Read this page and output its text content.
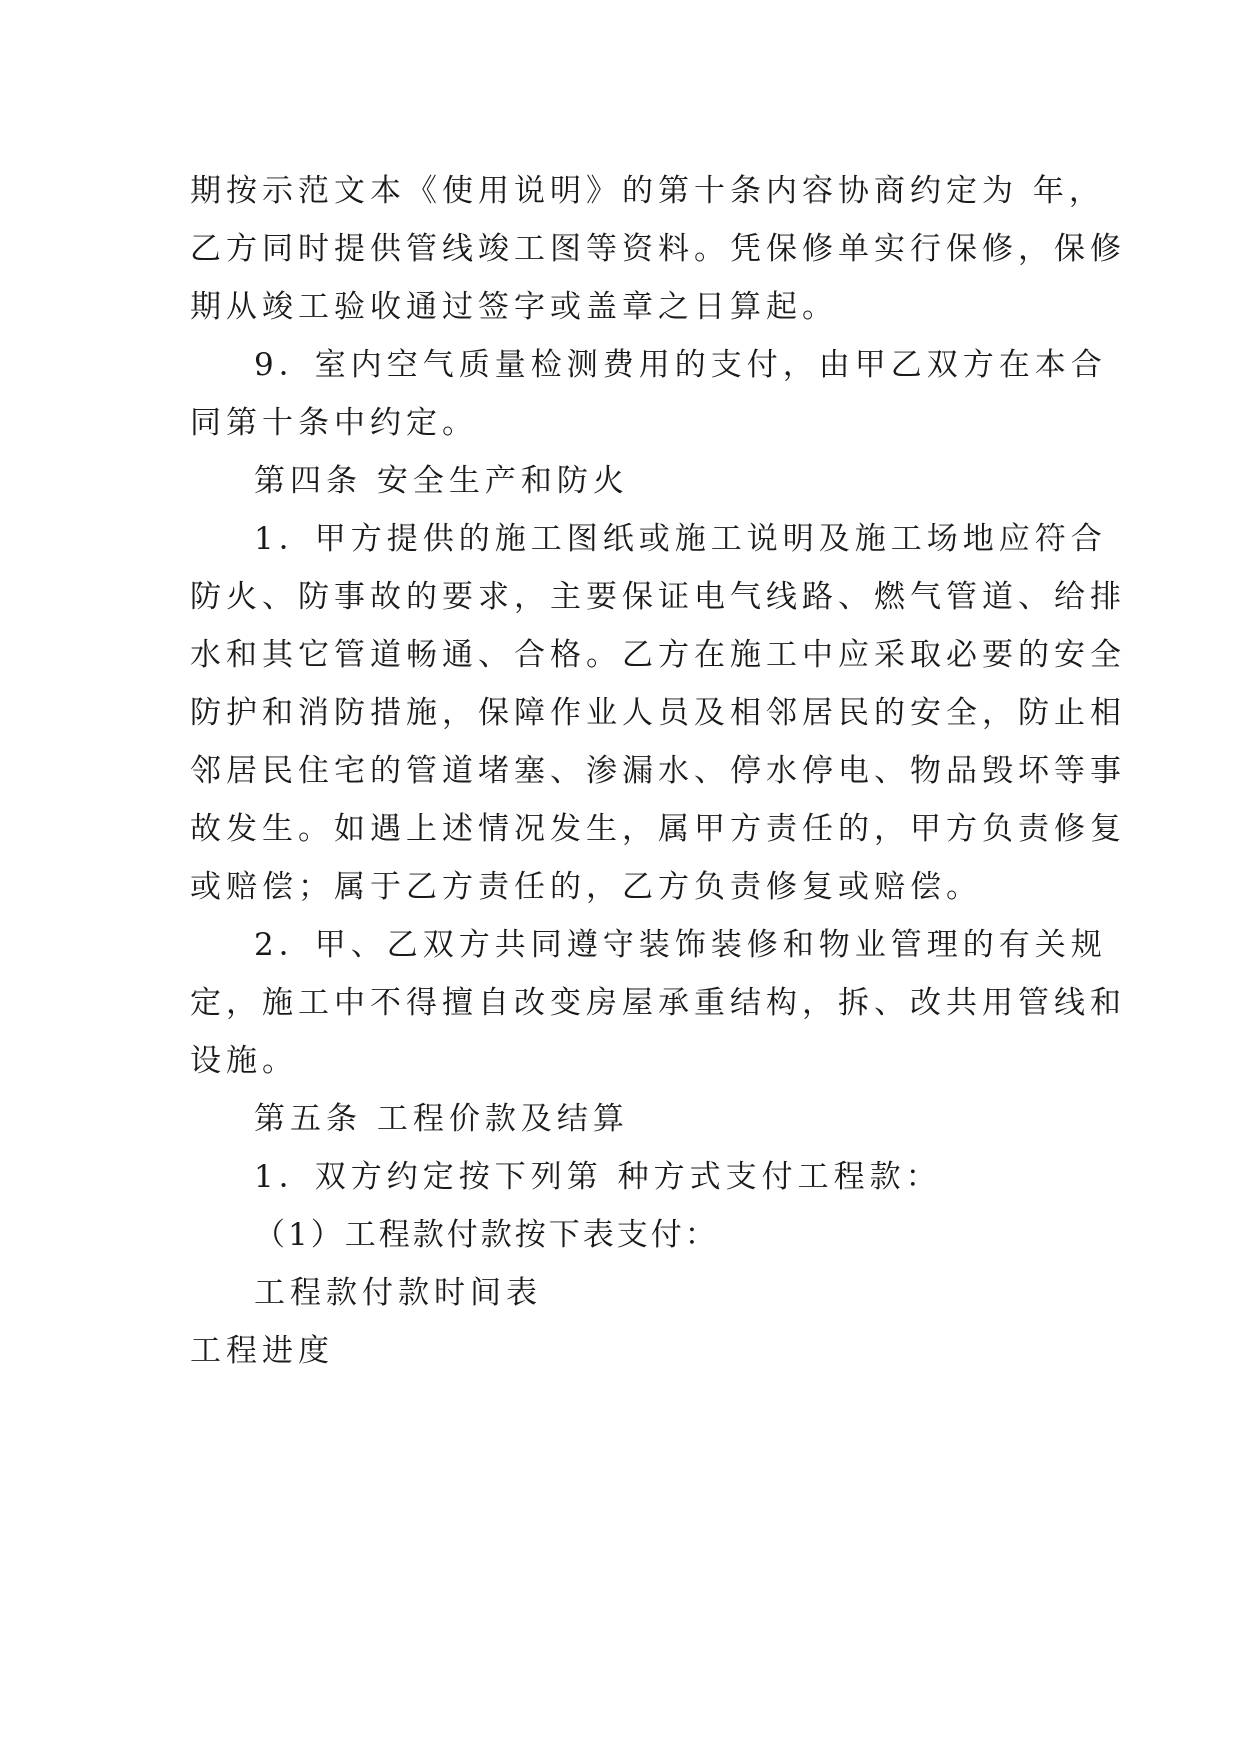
期按示范文本《使用说明》的第十条内容协商约定为 年，
乙方同时提供管线竣工图等资料。凭保修单实行保修，保修
期从竣工验收通过签字或盖章之日算起。
9．室内空气质量检测费用的支付，由甲乙双方在本合
同第十条中约定。
第四条 安全生产和防火
1．甲方提供的施工图纸或施工说明及施工场地应符合
防火、防事故的要求，主要保证电气线路、燃气管道、给排
水和其它管道畅通、合格。乙方在施工中应采取必要的安全
防护和消防措施，保障作业人员及相邻居民的安全，防止相
邻居民住宅的管道堵塞、渗漏水、停水停电、物品毁坏等事
故发生。如遇上述情况发生，属甲方责任的，甲方负责修复
或赔偿；属于乙方责任的，乙方负责修复或赔偿。
2．甲、乙双方共同遵守装饰装修和物业管理的有关规
定，施工中不得擅自改变房屋承重结构，拆、改共用管线和
设施。
第五条 工程价款及结算
1．双方约定按下列第 种方式支付工程款：
（1）工程款付款按下表支付：
工程款付款时间表
工程进度
